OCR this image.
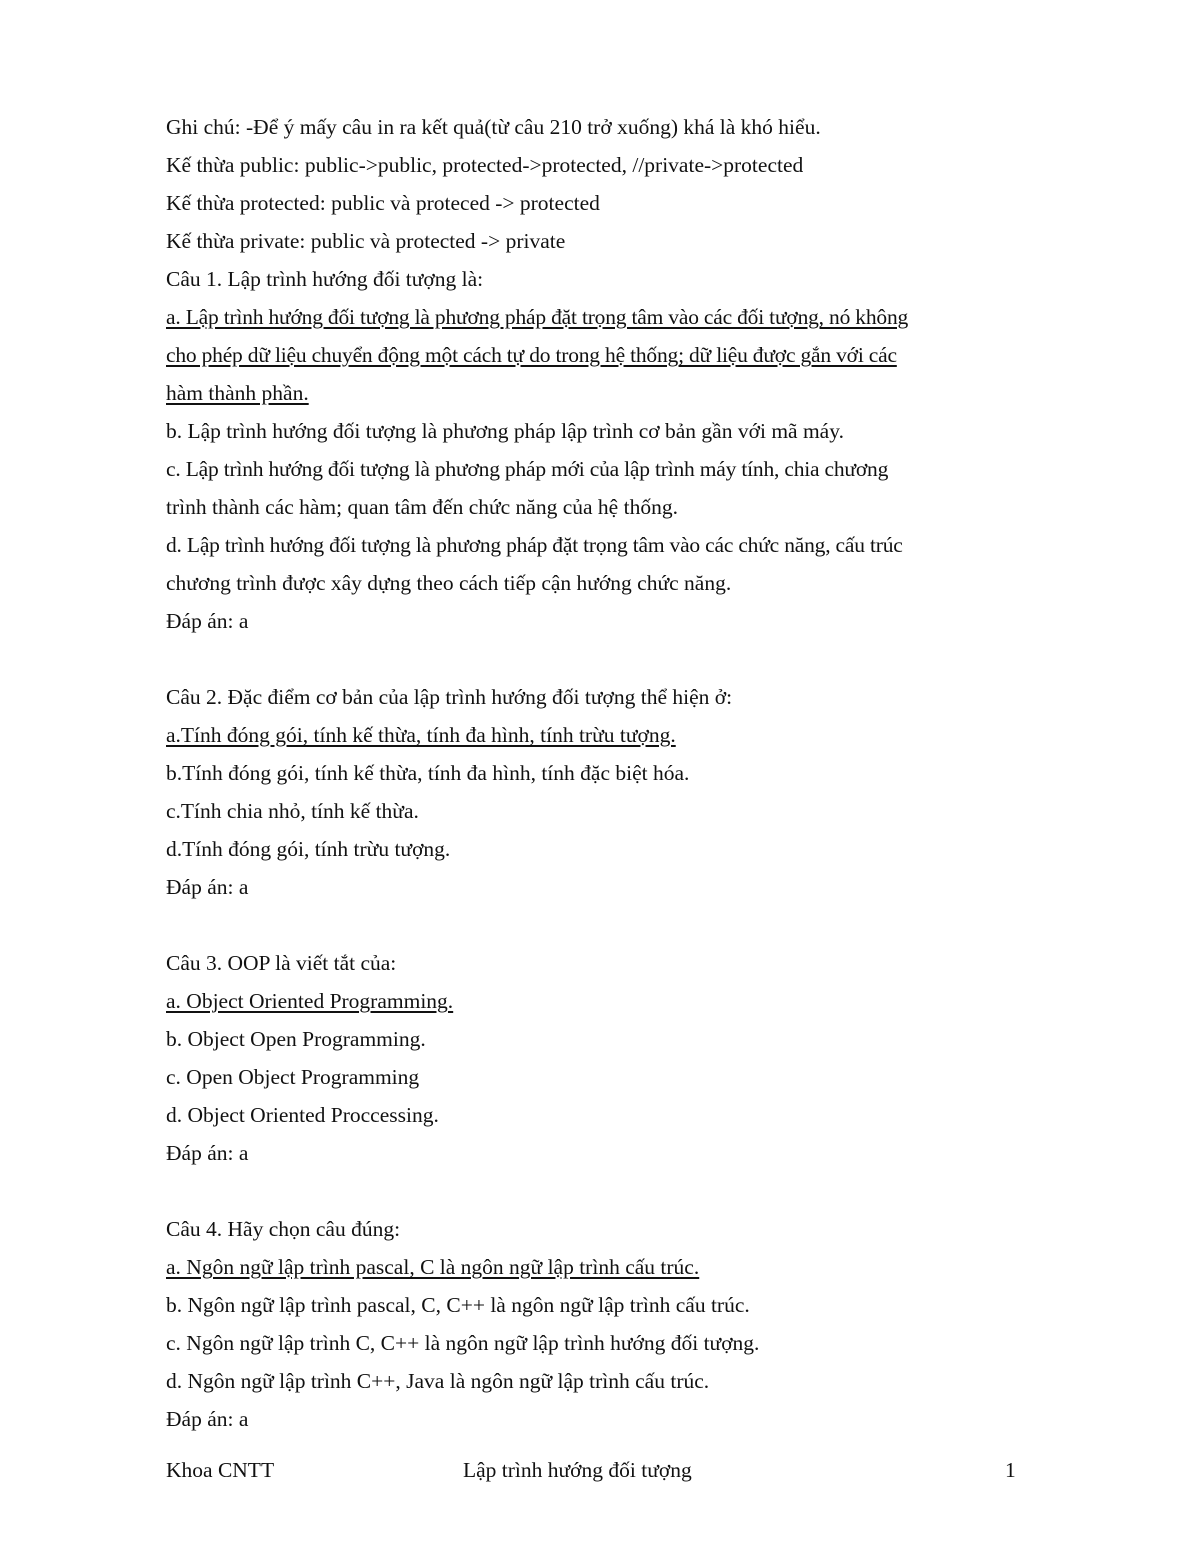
Ghi chú: -Để ý mấy câu in ra kết quả(từ câu 210 trở xuống) khá là khó hiểu.
Kế thừa public: public->public, protected->protected, //private->protected
Kế thừa protected: public và proteced -> protected
Kế thừa private: public và protected -> private
Câu 1. Lập trình hướng đối tượng là:
a. Lập trình hướng đối tượng là phương pháp đặt trọng tâm vào các đối tượng, nó không
cho phép dữ liệu chuyển động một cách tự do trong hệ thống; dữ liệu được gắn với các
hàm thành phần.
b. Lập trình hướng đối tượng là phương pháp lập trình cơ bản gần với mã máy.
c. Lập trình hướng đối tượng là phương pháp mới của lập trình máy tính, chia chương
trình thành các hàm; quan tâm đến chức năng của hệ thống.
d. Lập trình hướng đối tượng là phương pháp đặt trọng tâm vào các chức năng, cấu trúc
chương trình được xây dựng theo cách tiếp cận hướng chức năng.
Đáp án: a
Câu 2. Đặc điểm cơ bản của lập trình hướng đối tượng thể hiện ở:
a.Tính đóng gói, tính kế thừa, tính đa hình, tính trừu tượng.
b.Tính đóng gói, tính kế thừa, tính đa hình, tính đặc biệt hóa.
c.Tính chia nhỏ, tính kế thừa.
d.Tính đóng gói, tính trừu tượng.
Đáp án: a
Câu 3. OOP là viết tắt của:
a. Object Oriented Programming.
b. Object Open Programming.
c. Open Object Programming
d. Object Oriented Proccessing.
Đáp án: a
Câu 4. Hãy chọn câu đúng:
a. Ngôn ngữ lập trình pascal, C là ngôn ngữ lập trình cấu trúc.
b. Ngôn ngữ lập trình pascal, C, C++ là ngôn ngữ lập trình cấu trúc.
c. Ngôn ngữ lập trình C, C++ là ngôn ngữ lập trình hướng đối tượng.
d. Ngôn ngữ lập trình C++, Java là ngôn ngữ lập trình cấu trúc.
Đáp án: a
Khoa CNTT	Lập trình hướng đối tượng	1
